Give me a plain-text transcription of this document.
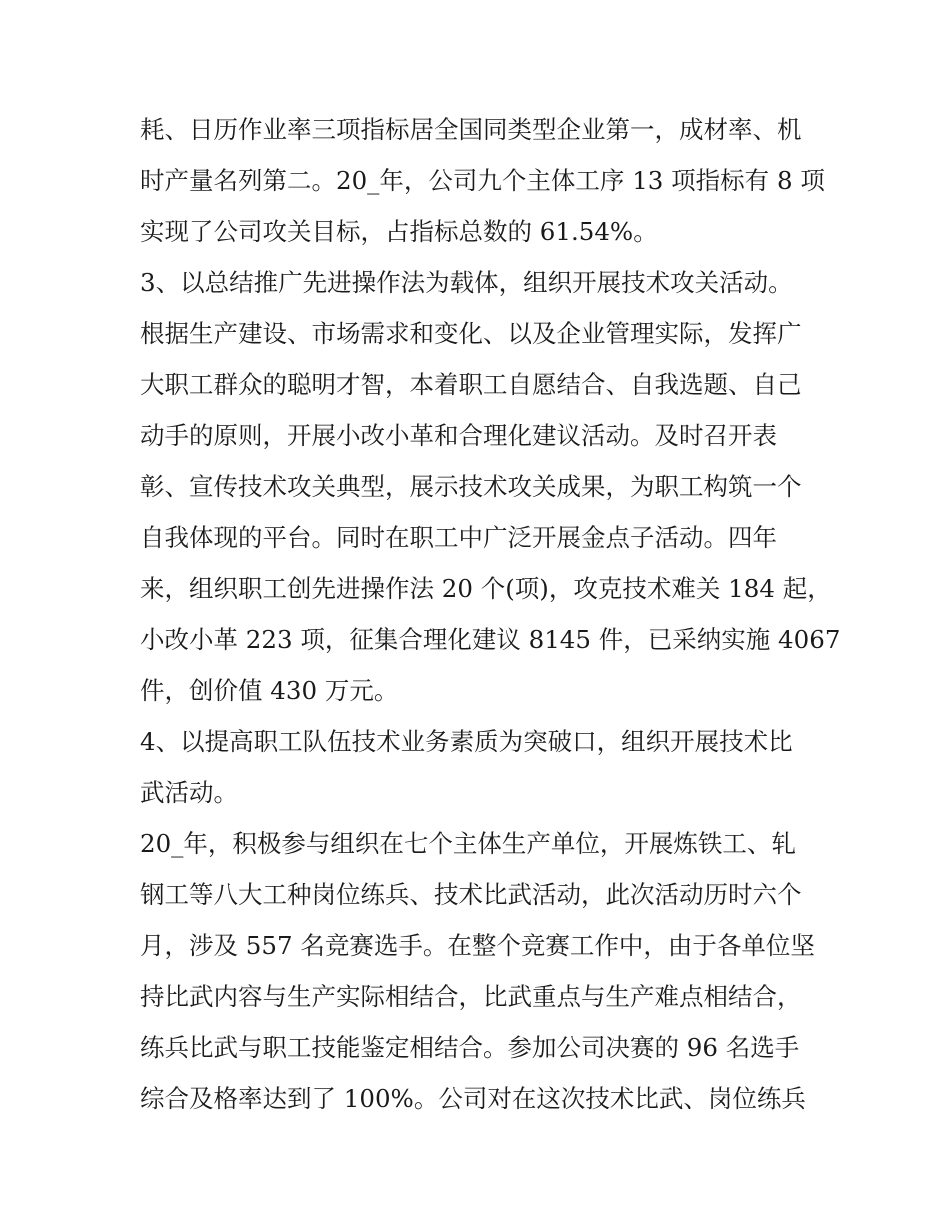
耗、日历作业率三项指标居全国同类型企业第一，成材率、机
时产量名列第二。20_年，公司九个主体工序 13 项指标有 8 项
实现了公司攻关目标，占指标总数的 61.54%。
3、以总结推广先进操作法为载体，组织开展技术攻关活动。
根据生产建设、市场需求和变化、以及企业管理实际，发挥广
大职工群众的聪明才智，本着职工自愿结合、自我选题、自己
动手的原则，开展小改小革和合理化建议活动。及时召开表
彰、宣传技术攻关典型，展示技术攻关成果，为职工构筑一个
自我体现的平台。同时在职工中广泛开展金点子活动。四年
来，组织职工创先进操作法 20 个(项)，攻克技术难关 184 起，
小改小革 223 项，征集合理化建议 8145 件，已采纳实施 4067
件，创价值 430 万元。
4、以提高职工队伍技术业务素质为突破口，组织开展技术比
武活动。
20_年，积极参与组织在七个主体生产单位，开展炼铁工、轧
钢工等八大工种岗位练兵、技术比武活动，此次活动历时六个
月，涉及 557 名竞赛选手。在整个竞赛工作中，由于各单位坚
持比武内容与生产实际相结合，比武重点与生产难点相结合，
练兵比武与职工技能鉴定相结合。参加公司决赛的 96 名选手
综合及格率达到了 100%。公司对在这次技术比武、岗位练兵
